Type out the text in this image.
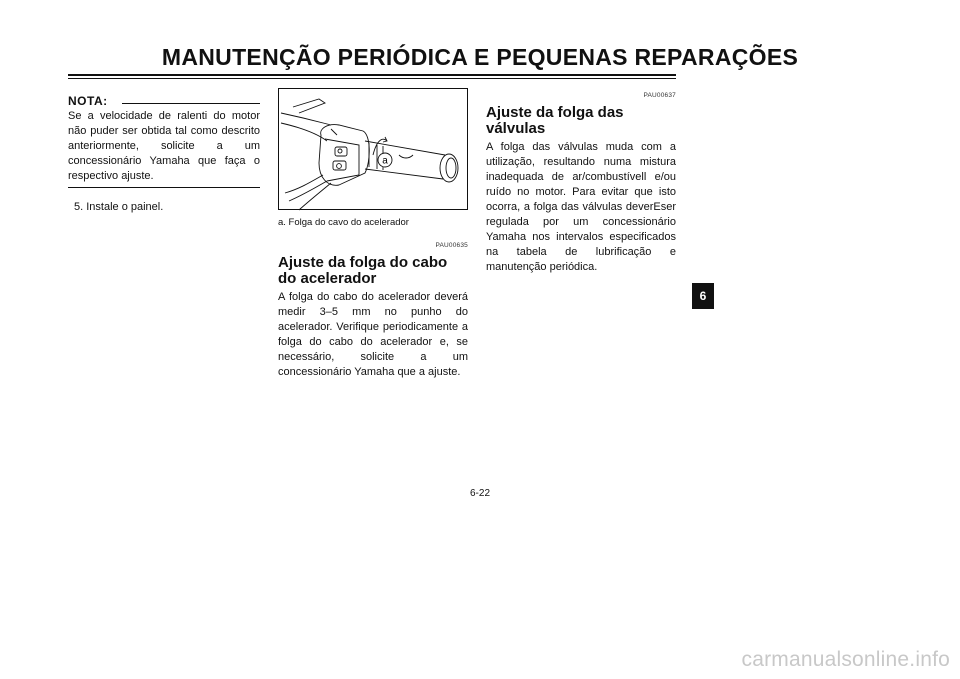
MANUTENÇÃO PERIÓDICA E PEQUENAS REPARAÇÕES
NOTA:
Se a velocidade de ralenti do motor não puder ser obtida tal como descrito anteriormente, solicite a um concessionário Yamaha que faça o respectivo ajuste.
5. Instale o painel.
a
a. Folga do cavo do acelerador
PAU00635
Ajuste da folga do cabo do acelerador
A folga do cabo do acelerador deverá medir 3–5 mm no punho do acelerador. Verifique periodicamente a folga do cabo do acelerador e, se necessário, solicite a um concessionário Yamaha que a ajuste.
PAU00637
Ajuste da folga das válvulas
A folga das válvulas muda com a utilização, resultando numa mistura inadequada de ar/combustívell e/ou ruído no motor. Para evitar que isto ocorra, a folga das válvulas deverEser regulada por um concessionário Yamaha nos intervalos especificados na tabela de lubrificação e manutenção periódica.
6
6-22
carmanualsonline.info
